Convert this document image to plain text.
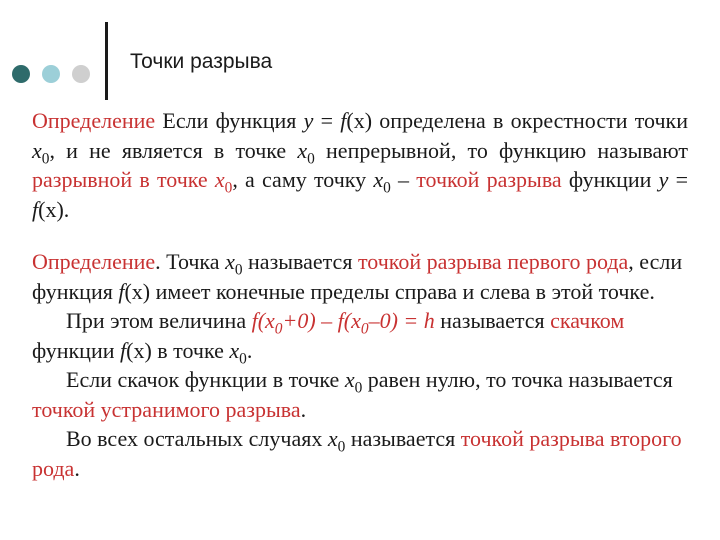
Точки разрыва

Определение Если функция y = f(x) определена в окрестности точки $x_0$, и не является в точке $x_0$ непрерывной, то функцию называют разрывной в точке $x_0$, а саму точку $x_0$ – точкой разрыва функции y = f(x).

Определение. Точка $x_0$ называется точкой разрыва первого рода, если функция f(x) имеет конечные пределы справа и слева в этой точке.

При этом величина $f(x_0+0) - f(x_0-0) = h$ называется скачком функции f(x) в точке $x_0$.

Если скачок функции в точке $x_0$ равен нулю, то точка называется точкой устранимого разрыва.

Во всех остальных случаях $x_0$ называется точкой разрыва второго рода.
